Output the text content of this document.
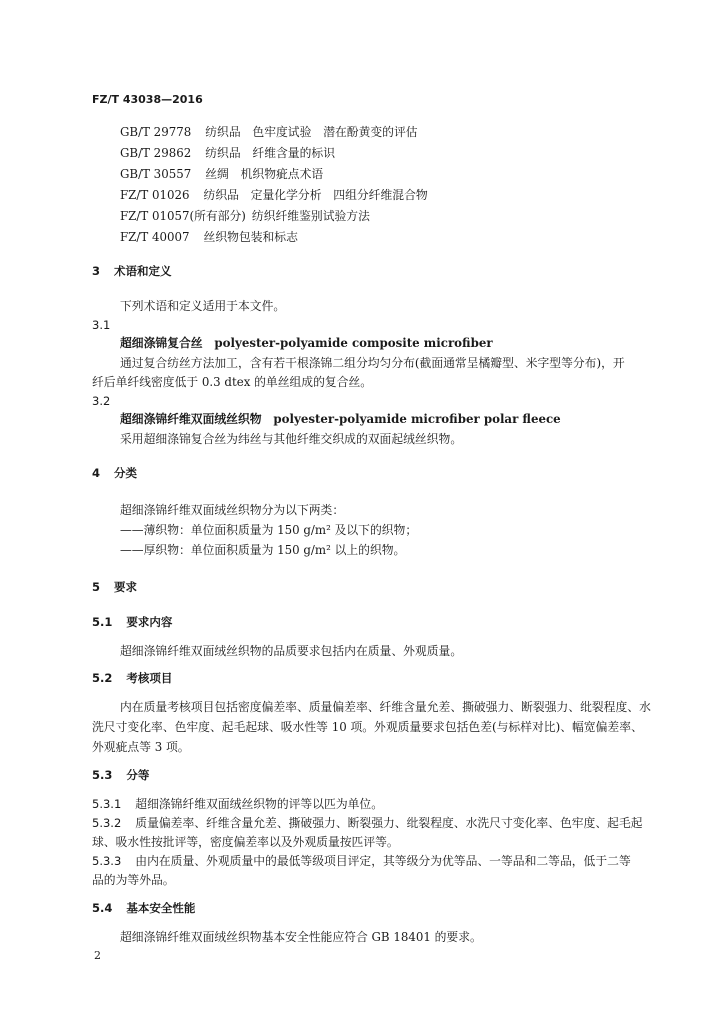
FZ/T 43038—2016
GB/T 29778 纺织品　色牢度试验　潜在酚黄变的评估
GB/T 29862 纺织品　纤维含量的标识
GB/T 30557 丝绸　机织物疵点术语
FZ/T 01026 纺织品　定量化学分析　四组分纤维混合物
FZ/T 01057(所有部分) 纺织纤维鉴别试验方法
FZ/T 40007 丝织物包装和标志
3 术语和定义
下列术语和定义适用于本文件。
3.1
超细涤锦复合丝　polyester-polyamide composite microfiber
通过复合纺丝方法加工，含有若干根涤锦二组分均匀分布(截面通常呈橘瓣型、米字型等分布)，开
纤后单纤线密度低于 0.3 dtex 的单丝组成的复合丝。
3.2
超细涤锦纤维双面绒丝织物　polyester-polyamide microfiber polar fleece
采用超细涤锦复合丝为纬丝与其他纤维交织成的双面起绒丝织物。
4 分类
超细涤锦纤维双面绒丝织物分为以下两类：
——薄织物：单位面积质量为 150 g/m² 及以下的织物；
——厚织物：单位面积质量为 150 g/m² 以上的织物。
5 要求
5.1 要求内容
超细涤锦纤维双面绒丝织物的品质要求包括内在质量、外观质量。
5.2 考核项目
内在质量考核项目包括密度偏差率、质量偏差率、纤维含量允差、撕破强力、断裂强力、纰裂程度、水
洗尺寸变化率、色牢度、起毛起球、吸水性等 10 项。外观质量要求包括色差(与标样对比)、幅宽偏差率、
外观疵点等 3 项。
5.3 分等
5.3.1 超细涤锦纤维双面绒丝织物的评等以匹为单位。
5.3.2 质量偏差率、纤维含量允差、撕破强力、断裂强力、纰裂程度、水洗尺寸变化率、色牢度、起毛起
球、吸水性按批评等，密度偏差率以及外观质量按匹评等。
5.3.3 由内在质量、外观质量中的最低等级项目评定，其等级分为优等品、一等品和二等品，低于二等
品的为等外品。
5.4 基本安全性能
超细涤锦纤维双面绒丝织物基本安全性能应符合 GB 18401 的要求。
2
